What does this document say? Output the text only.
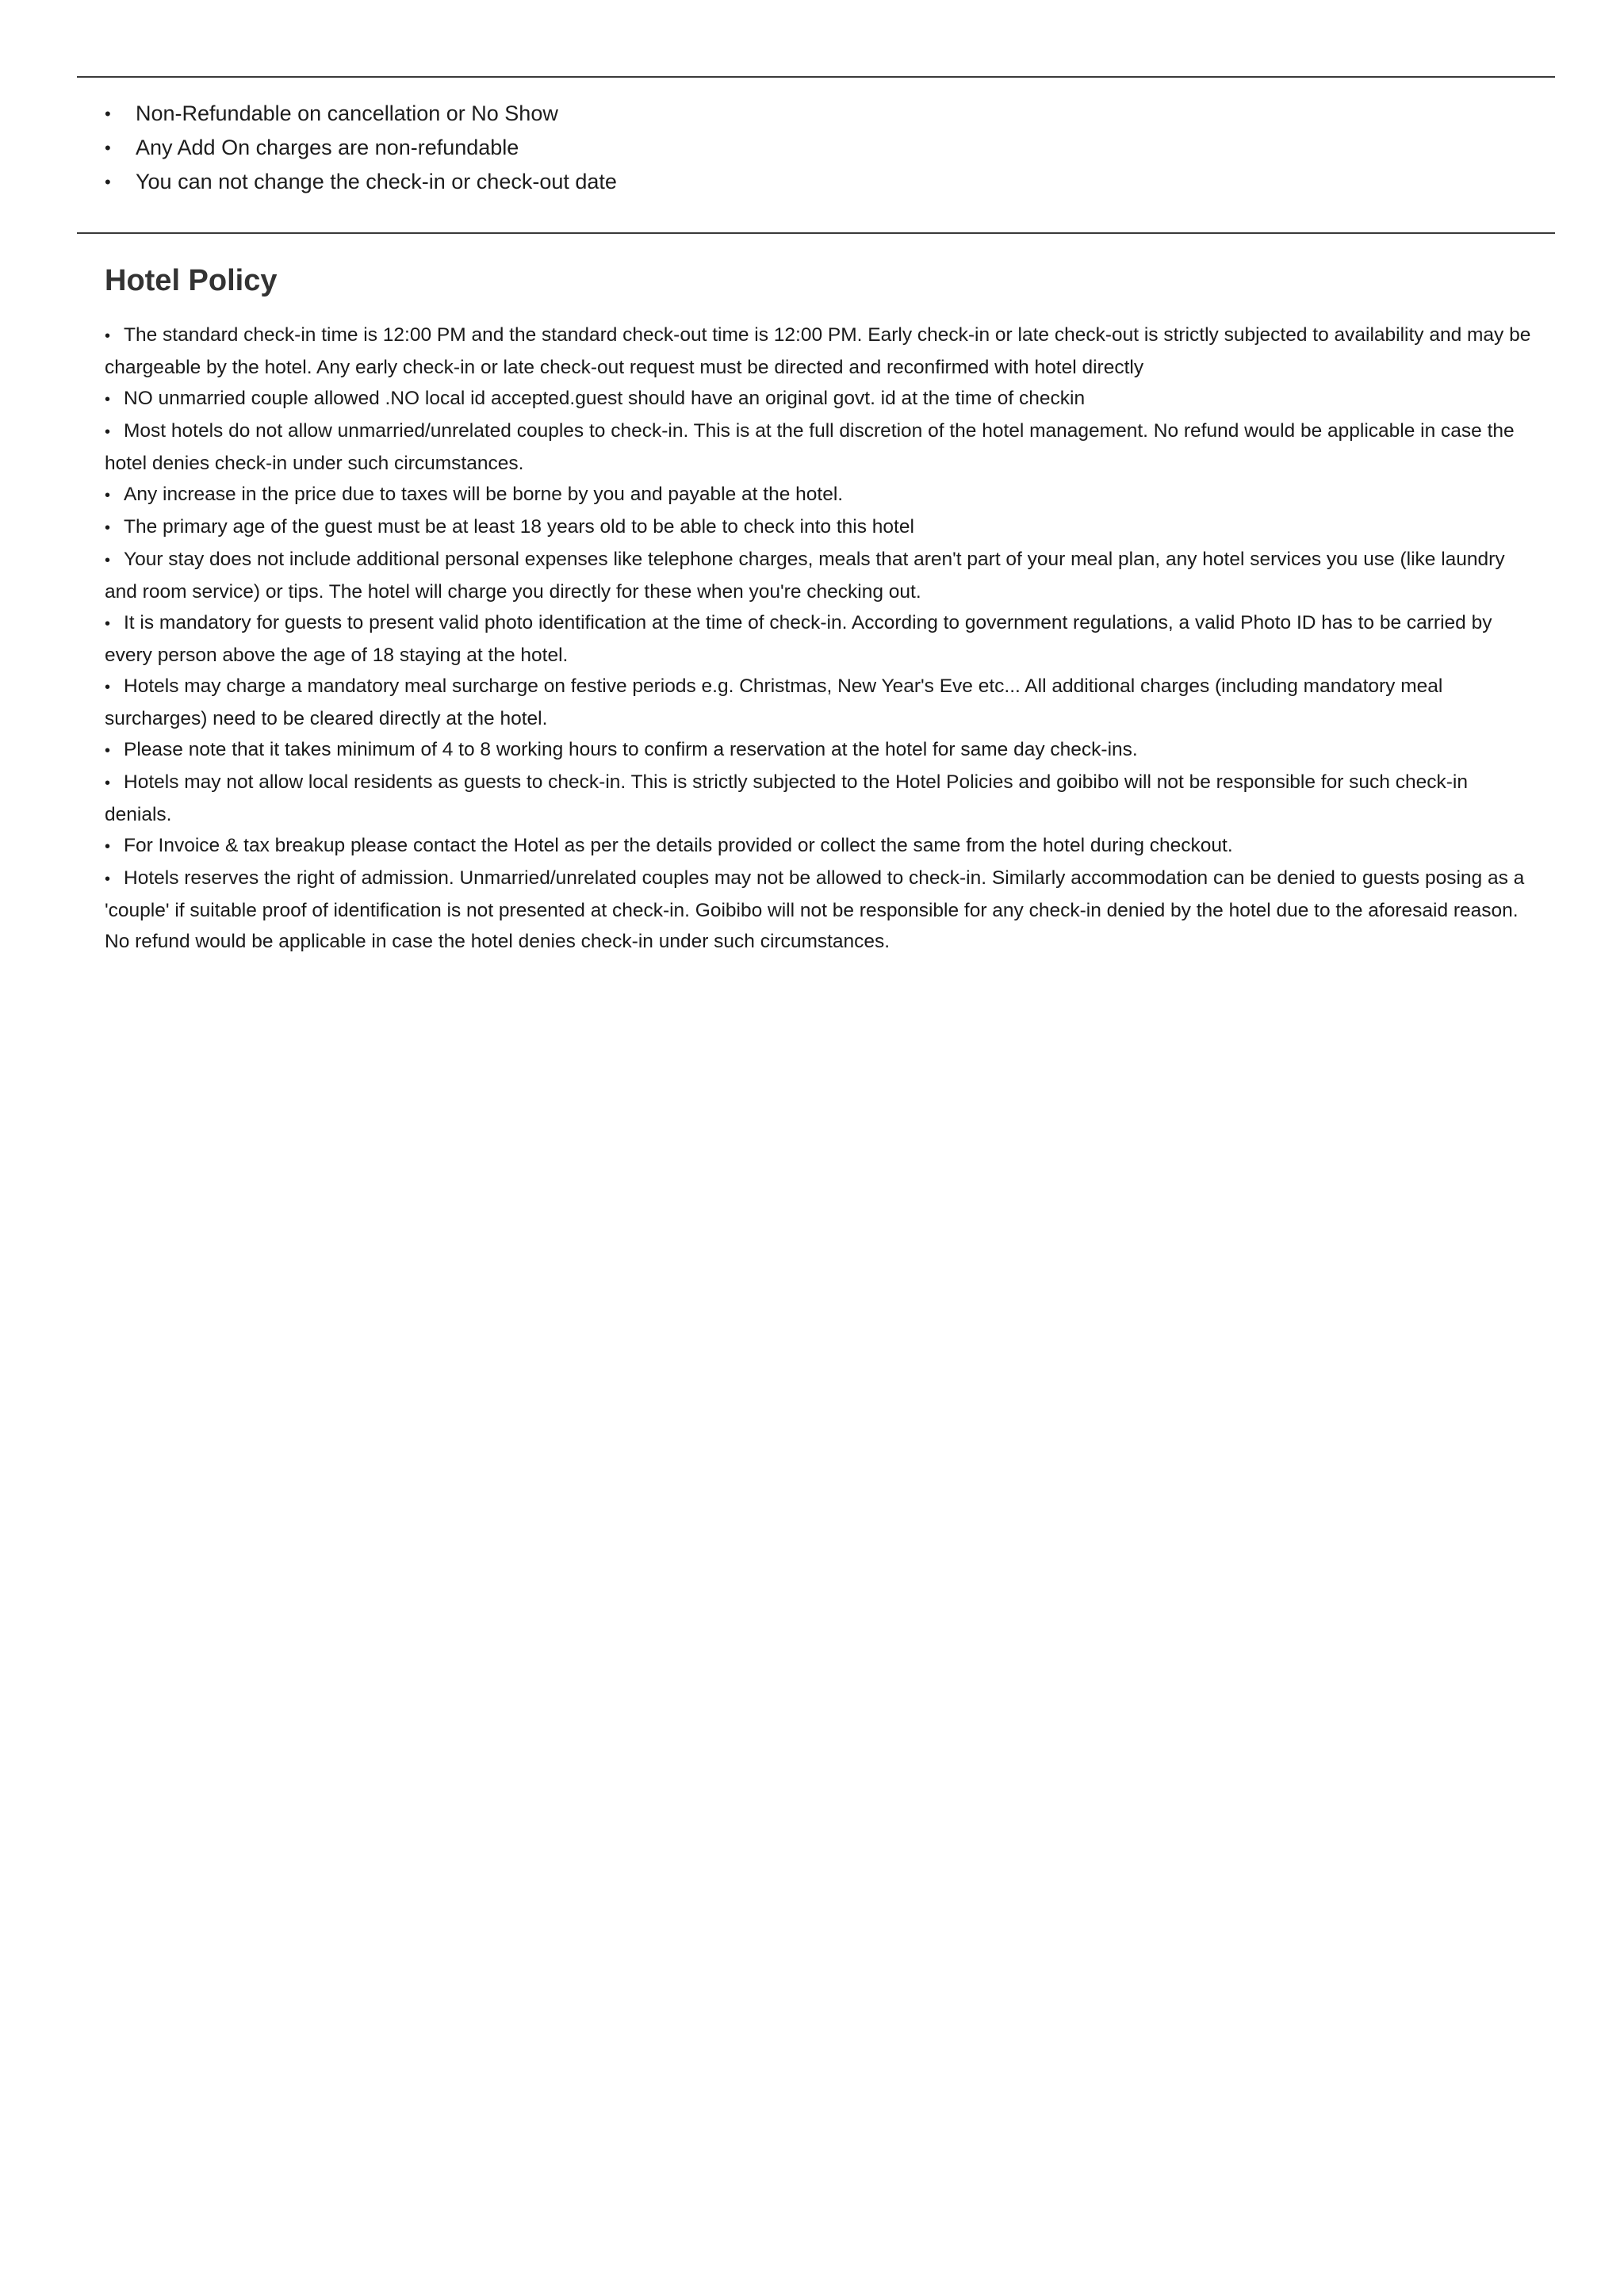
• Non-Refundable on cancellation or No Show
• Any Add On charges are non-refundable
• You can not change the check-in or check-out date
Hotel Policy
• The standard check-in time is 12:00 PM and the standard check-out time is 12:00 PM. Early check-in or late check-out is strictly subjected to availability and may be chargeable by the hotel. Any early check-in or late check-out request must be directed and reconfirmed with hotel directly
• NO unmarried couple allowed .NO local id accepted.guest should have an original govt. id at the time of checkin
• Most hotels do not allow unmarried/unrelated couples to check-in. This is at the full discretion of the hotel management. No refund would be applicable in case the hotel denies check-in under such circumstances.
• Any increase in the price due to taxes will be borne by you and payable at the hotel.
• The primary age of the guest must be at least 18 years old to be able to check into this hotel
• Your stay does not include additional personal expenses like telephone charges, meals that aren't part of your meal plan, any hotel services you use (like laundry and room service) or tips. The hotel will charge you directly for these when you're checking out.
• It is mandatory for guests to present valid photo identification at the time of check-in. According to government regulations, a valid Photo ID has to be carried by every person above the age of 18 staying at the hotel.
• Hotels may charge a mandatory meal surcharge on festive periods e.g. Christmas, New Year's Eve etc... All additional charges (including mandatory meal surcharges) need to be cleared directly at the hotel.
• Please note that it takes minimum of 4 to 8 working hours to confirm a reservation at the hotel for same day check-ins.
• Hotels may not allow local residents as guests to check-in. This is strictly subjected to the Hotel Policies and goibibo will not be responsible for such check-in denials.
• For Invoice & tax breakup please contact the Hotel as per the details provided or collect the same from the hotel during checkout.
• Hotels reserves the right of admission. Unmarried/unrelated couples may not be allowed to check-in. Similarly accommodation can be denied to guests posing as a 'couple' if suitable proof of identification is not presented at check-in. Goibibo will not be responsible for any check-in denied by the hotel due to the aforesaid reason. No refund would be applicable in case the hotel denies check-in under such circumstances.
